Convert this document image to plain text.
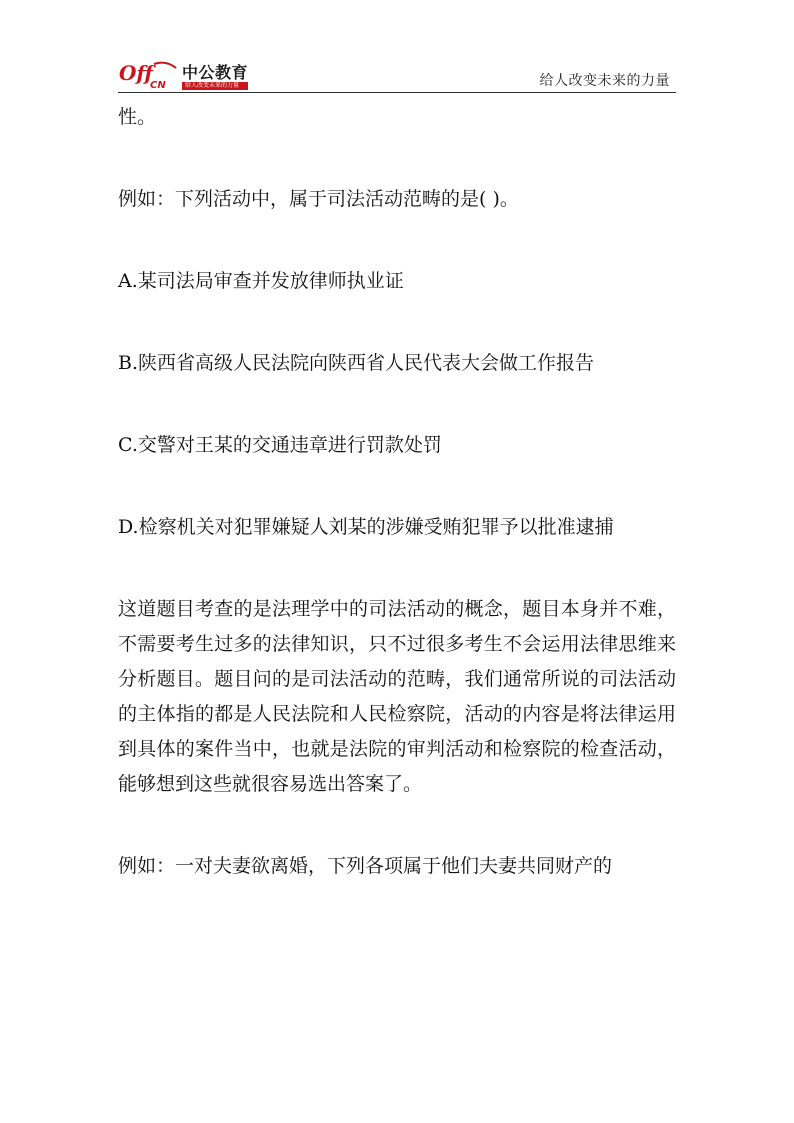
Off
CN
中公教育
给人改变未来的力量	给人改变未来的力量

性。

例如：下列活动中，属于司法活动范畴的是( )。

A.某司法局审查并发放律师执业证

B.陕西省高级人民法院向陕西省人民代表大会做工作报告

C.交警对王某的交通违章进行罚款处罚

D.检察机关对犯罪嫌疑人刘某的涉嫌受贿犯罪予以批准逮捕

这道题目考查的是法理学中的司法活动的概念，题目本身并不难，不需要考生过多的法律知识，只不过很多考生不会运用法律思维来分析题目。题目问的是司法活动的范畴，我们通常所说的司法活动的主体指的都是人民法院和人民检察院，活动的内容是将法律运用到具体的案件当中，也就是法院的审判活动和检察院的检查活动，能够想到这些就很容易选出答案了。

例如：一对夫妻欲离婚，下列各项属于他们夫妻共同财产的
